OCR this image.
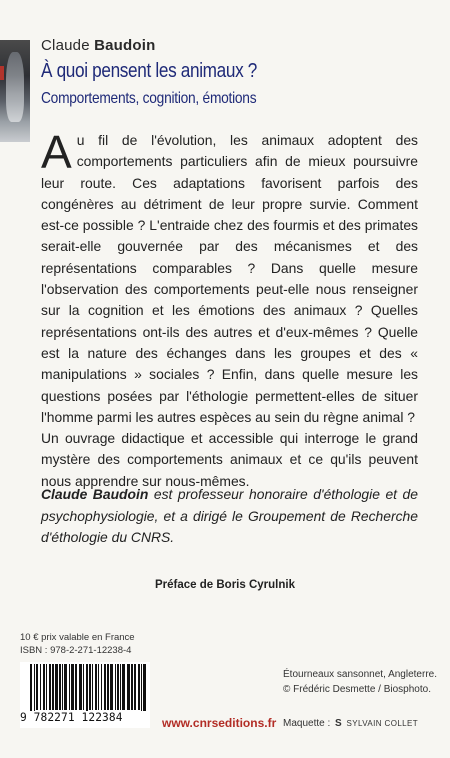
Claude Baudoin
À quoi pensent les animaux ?
Comportements, cognition, émotions

Au fil de l'évolution, les animaux adoptent des comportements particuliers afin de mieux poursuivre leur route. Ces adaptations favorisent parfois des congénères au détriment de leur propre survie. Comment est-ce possible ? L'entraide chez des fourmis et des primates serait-elle gouvernée par des mécanismes et des représentations comparables ? Dans quelle mesure l'observation des comportements peut-elle nous renseigner sur la cognition et les émotions des animaux ? Quelles représentations ont-ils des autres et d'eux-mêmes ? Quelle est la nature des échanges dans les groupes et des « manipulations » sociales ? Enfin, dans quelle mesure les questions posées par l'éthologie permettent-elles de situer l'homme parmi les autres espèces au sein du règne animal ?

Un ouvrage didactique et accessible qui interroge le grand mystère des comportements animaux et ce qu'ils peuvent nous apprendre sur nous-mêmes.

Claude Baudoin est professeur honoraire d'éthologie et de psychophysiologie, et a dirigé le Groupement de Recherche d'éthologie du CNRS.
Préface de Boris Cyrulnik
10 € prix valable en France
ISBN : 978-2-271-12238-4
9 782271 122384	www.cnrseditions.fr
Étourneaux sansonnet, Angleterre.
© Frédéric Desmette / Biosphoto.
Maquette : S SYLVAIN COLLET
